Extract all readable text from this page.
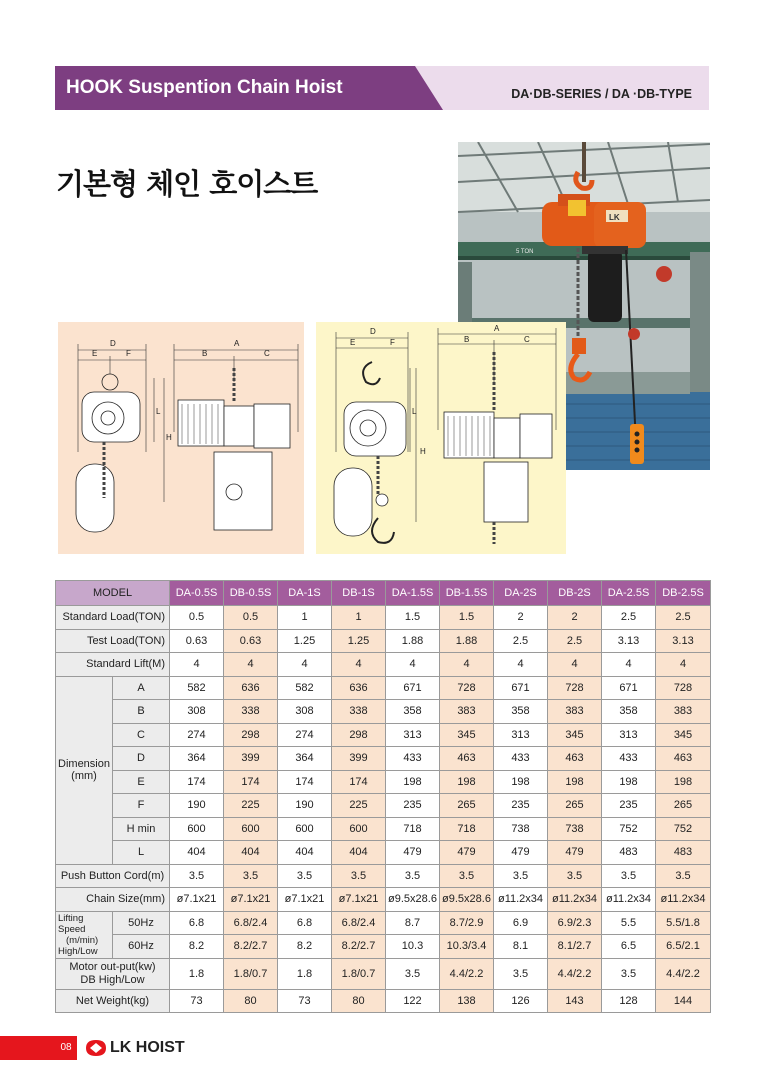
HOOK Suspention Chain Hoist	DA·DB-SERIES / DA ·DB-TYPE
기본형 체인 호이스트
5 TON
LK
D
E	F
A
B	C
L
H
D
E	F
A
B	C
L
H
MODEL		DA-0.5S	DB-0.5S	DA-1S	DB-1S	DA-1.5S	DB-1.5S	DA-2S	DB-2S	DA-2.5S	DB-2.5S
Standard Load(TON)		0.5	0.5	1	1	1.5	1.5	2	2	2.5	2.5
Test Load(TON)		0.63	0.63	1.25	1.25	1.88	1.88	2.5	2.5	3.13	3.13
Standard Lift(M)		4	4	4	4	4	4	4	4	4	4

Dimension
(mm)	A	582	636	582	636	671	728	671	728	671	728
	B	308	338	308	338	358	383	358	383	358	383
	C	274	298	274	298	313	345	313	345	313	345
	D	364	399	364	399	433	463	433	463	433	463
	E	174	174	174	174	198	198	198	198	198	198
	F	190	225	190	225	235	265	235	265	235	265
	H min	600	600	600	600	718	718	738	738	752	752
	L	404	404	404	404	479	479	479	479	483	483
Push Button Cord(m)		3.5	3.5	3.5	3.5	3.5	3.5	3.5	3.5	3.5	3.5
Chain Size(mm)		ø7.1x21	ø7.1x21	ø7.1x21	ø7.1x21	ø9.5x28.6	ø9.5x28.6	ø11.2x34	ø11.2x34	ø11.2x34	ø11.2x34

Lifting Speed
(m/min)
High/Low	50Hz	6.8	6.8/2.4	6.8	6.8/2.4	8.7	8.7/2.9	6.9	6.9/2.3	5.5	5.5/1.8
	60Hz	8.2	8.2/2.7	8.2	8.2/2.7	10.3	10.3/3.4	8.1	8.1/2.7	6.5	6.5/2.1

Motor out-put(kw)
DB High/Low		1.8	1.8/0.7	1.8	1.8/0.7	3.5	4.4/2.2	3.5	4.4/2.2	3.5	4.4/2.2
Net Weight(kg)		73	80	73	80	122	138	126	143	128	144
08	LK HOIST
